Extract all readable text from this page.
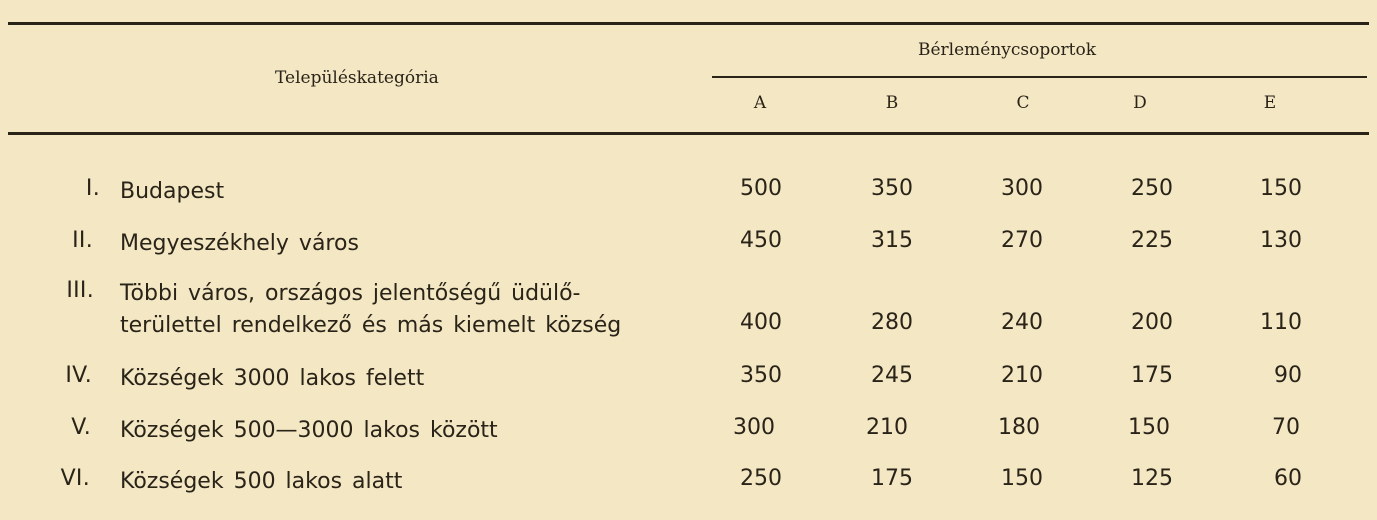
Településkategória
Bérleménycsoportok
A	B	C	D	E
I. Budapest	500	350	300	250	150
II. Megyeszékhely város	450	315	270	225	130
III. Többi város, országos jelentőségű üdülő-
területtel rendelkező és más kiemelt község	400	280	240	200	110
IV. Községek 3000 lakos felett	350	245	210	175	90
V. Községek 500—3000 lakos között	300	210	180	150	70
VI. Községek 500 lakos alatt	250	175	150	125	60
